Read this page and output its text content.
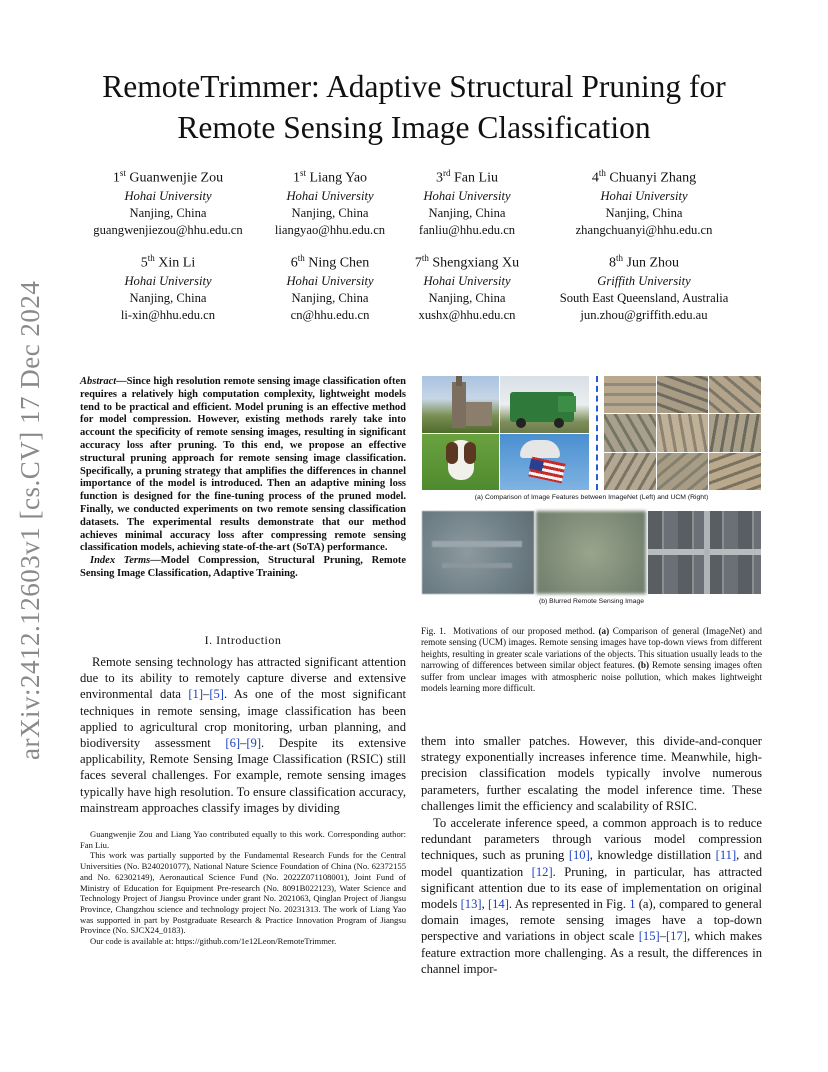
arXiv:2412.12603v1 [cs.CV] 17 Dec 2024
RemoteTrimmer: Adaptive Structural Pruning for Remote Sensing Image Classification
1st Guanwenjie Zou
Hohai University
Nanjing, China
guangwenjiezou@hhu.edu.cn
1st Liang Yao
Hohai University
Nanjing, China
liangyao@hhu.edu.cn
3rd Fan Liu
Hohai University
Nanjing, China
fanliu@hhu.edu.cn
4th Chuanyi Zhang
Hohai University
Nanjing, China
zhangchuanyi@hhu.edu.cn
5th Xin Li
Hohai University
Nanjing, China
li-xin@hhu.edu.cn
6th Ning Chen
Hohai University
Nanjing, China
cn@hhu.edu.cn
7th Shengxiang Xu
Hohai University
Nanjing, China
xushx@hhu.edu.cn
8th Jun Zhou
Griffith University
South East Queensland, Australia
jun.zhou@griffith.edu.au
Abstract—Since high resolution remote sensing image classification often requires a relatively high computation complexity, lightweight models tend to be practical and efficient. Model pruning is an effective method for model compression. However, existing methods rarely take into account the specificity of remote sensing images, resulting in significant accuracy loss after pruning. To this end, we propose an effective structural pruning approach for remote sensing image classification. Specifically, a pruning strategy that amplifies the differences in channel importance of the model is introduced. Then an adaptive mining loss function is designed for the fine-tuning process of the pruned model. Finally, we conducted experiments on two remote sensing classification datasets. The experimental results demonstrate that our method achieves minimal accuracy loss after compressing remote sensing classification models, achieving state-of-the-art (SoTA) performance.
Index Terms—Model Compression, Structural Pruning, Remote Sensing Image Classification, Adaptive Training.
I. Introduction

Remote sensing technology has attracted significant attention due to its ability to remotely capture diverse and extensive environmental data [1]–[5]. As one of the most significant techniques in remote sensing, image classification has been applied to agricultural crop monitoring, urban planning, and biodiversity assessment [6]–[9]. Despite its extensive applicability, Remote Sensing Image Classification (RSIC) still faces several challenges. For example, remote sensing images typically have high resolution. To ensure classification accuracy, mainstream approaches classify images by dividing

Guangwenjie Zou and Liang Yao contributed equally to this work. Corresponding author: Fan Liu.

This work was partially supported by the Fundamental Research Funds for the Central Universities (No. B240201077), National Nature Science Foundation of China (No. 62372155 and No. 62302149), Aeronautical Science Fund (No. 2022Z071108001), Joint Fund of Ministry of Education for Equipment Pre-research (No. 8091B022123), Water Science and Technology Project of Jiangsu Province under grant No. 2021063, Qinglan Project of Jiangsu Province, Changzhou science and technology project No. 20231313. The work of Liang Yao was supported in part by Postgraduate Research & Practice Innovation Program of Jiangsu Province (No. SJCX24_0183).

Our code is available at: https://github.com/1e12Leon/RemoteTrimmer.

(a) Comparison of Image Features between ImageNet (Left) and UCM (Right)
(b) Blurred Remote Sensing Image
Fig. 1. Motivations of our proposed method. (a) Comparison of general (ImageNet) and remote sensing (UCM) images. Remote sensing images have top-down views from different heights, resulting in greater scale variations of the objects. This situation usually leads to the narrowing of differences between similar object features. (b) Remote sensing images often suffer from unclear images with atmospheric noise pollution, which makes lightweight models learning more difficult.

them into smaller patches. However, this divide-and-conquer strategy exponentially increases inference time. Meanwhile, high-precision classification models typically involve numerous parameters, further escalating the model inference time. These challenges limit the efficiency and scalability of RSIC.

To accelerate inference speed, a common approach is to reduce redundant parameters through various model compression techniques, such as pruning [10], knowledge distillation [11], and model quantization [12]. Pruning, in particular, has attracted significant attention due to its ease of implementation on original models [13], [14]. As represented in Fig. 1 (a), compared to general domain images, remote sensing images have a top-down perspective and variations in object scale [15]–[17], which makes feature extraction more challenging. As a result, the differences in channel impor-
